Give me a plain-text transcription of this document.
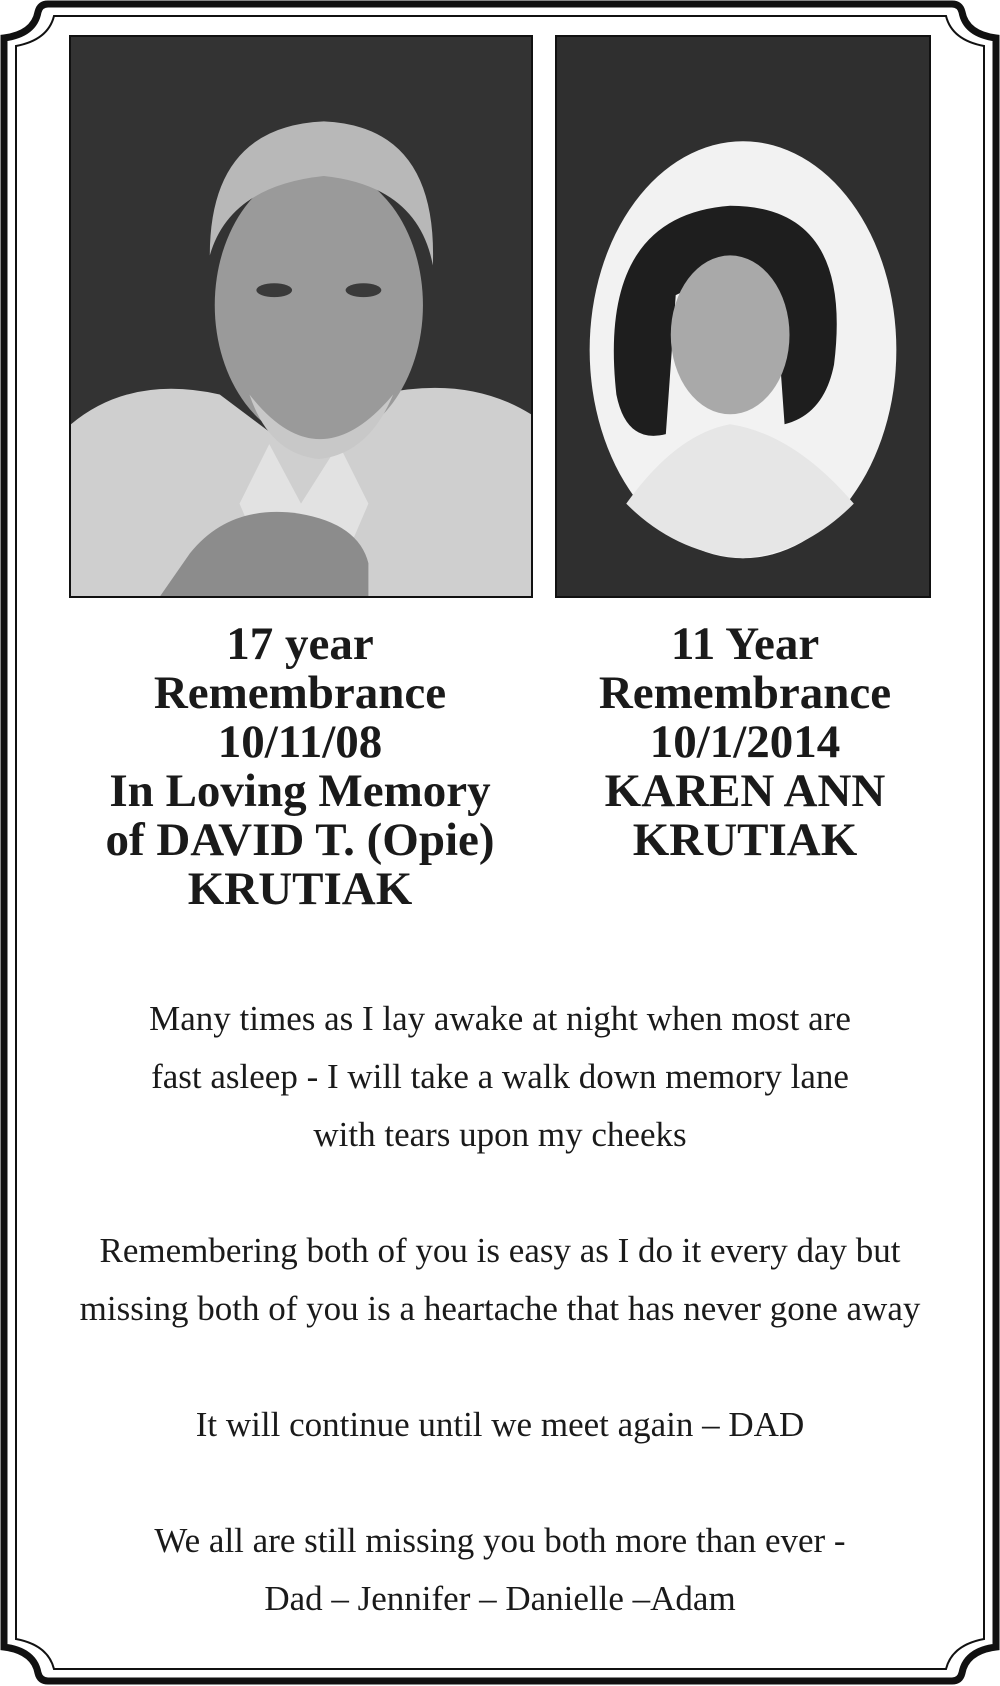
17 year
Remembrance
10/11/08
In Loving Memory
of DAVID T. (Opie)
KRUTIAK
11 Year
Remembrance
10/1/2014
KAREN ANN
KRUTIAK
Many times as I lay awake at night when most are
fast asleep - I will take a walk down memory lane
with tears upon my cheeks
Remembering both of you is easy as I do it every day but
missing both of you is a heartache that has never gone away
It will continue until we meet again – DAD
We all are still missing you both more than ever -
Dad – Jennifer – Danielle –Adam
